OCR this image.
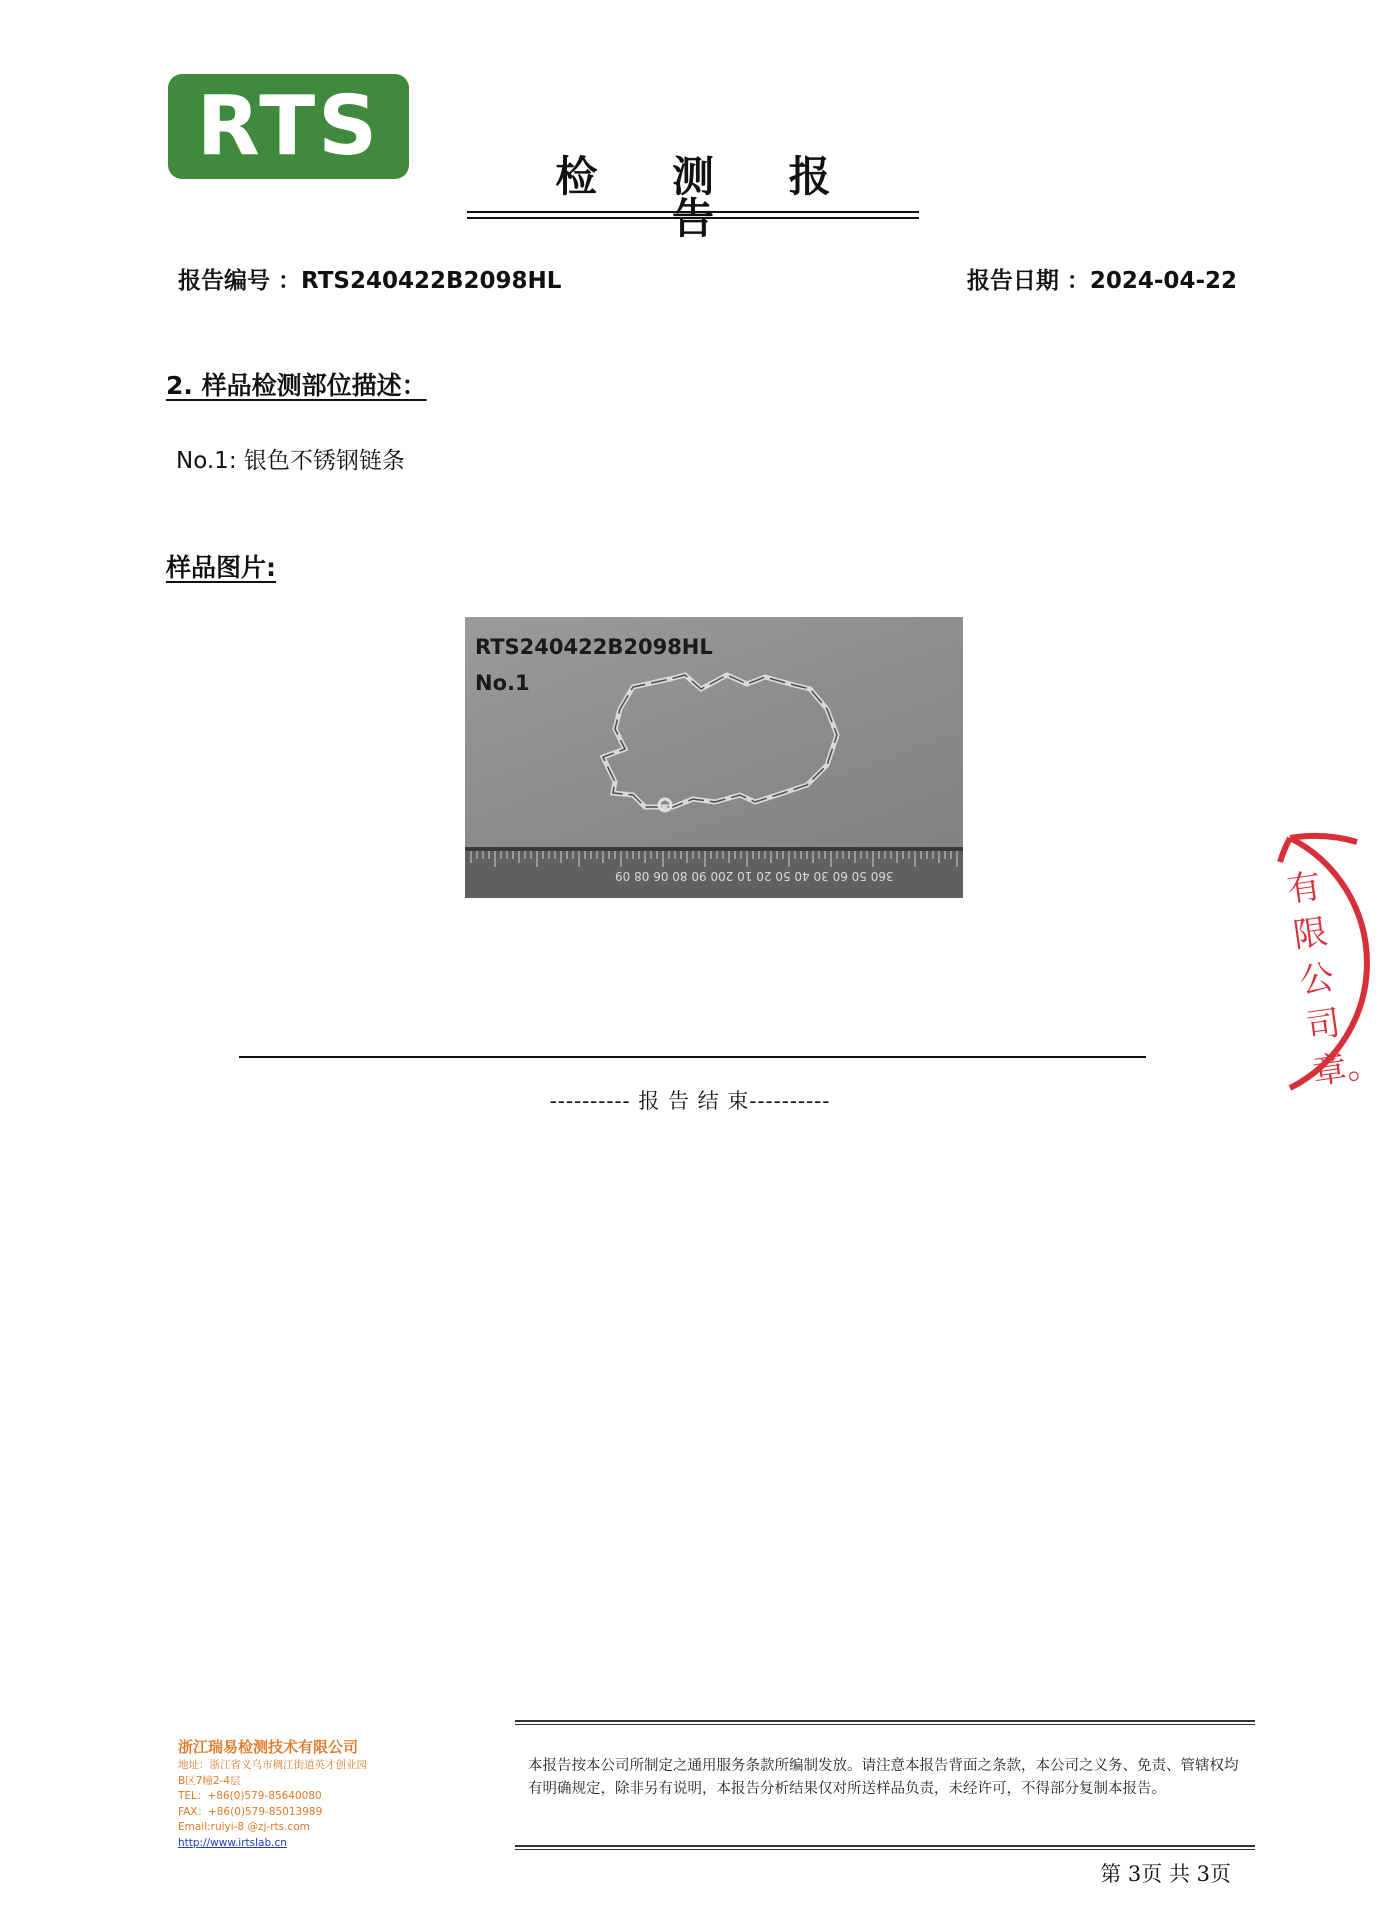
RTS
检 测 报 告
报告编号 ：RTS240422B2098HL	报告日期 ：2024-04-22
2. 样品检测部位描述：
No.1: 银色不锈钢链条
样品图片:
RTS240422B2098HL
No.1
360 50 60 30 40 50 20 10 200 90 80 06 08 09
---------- 报 告 结 束----------
有限公司章。
浙江瑞易检测技术有限公司
地址：浙江省义乌市稠江街道英才创业园
B区7幢2-4层
TEL：+86(0)579-85640080
FAX：+86(0)579-85013989
Email:ruiyi-8 @zj-rts.com
http://www.irtslab.cn
本报告按本公司所制定之通用服务条款所编制发放。请注意本报告背面之条款，本公司之义务、免责、管辖权均有明确规定，除非另有说明，本报告分析结果仅对所送样品负责，未经许可，不得部分复制本报告。
第 3页 共 3页
